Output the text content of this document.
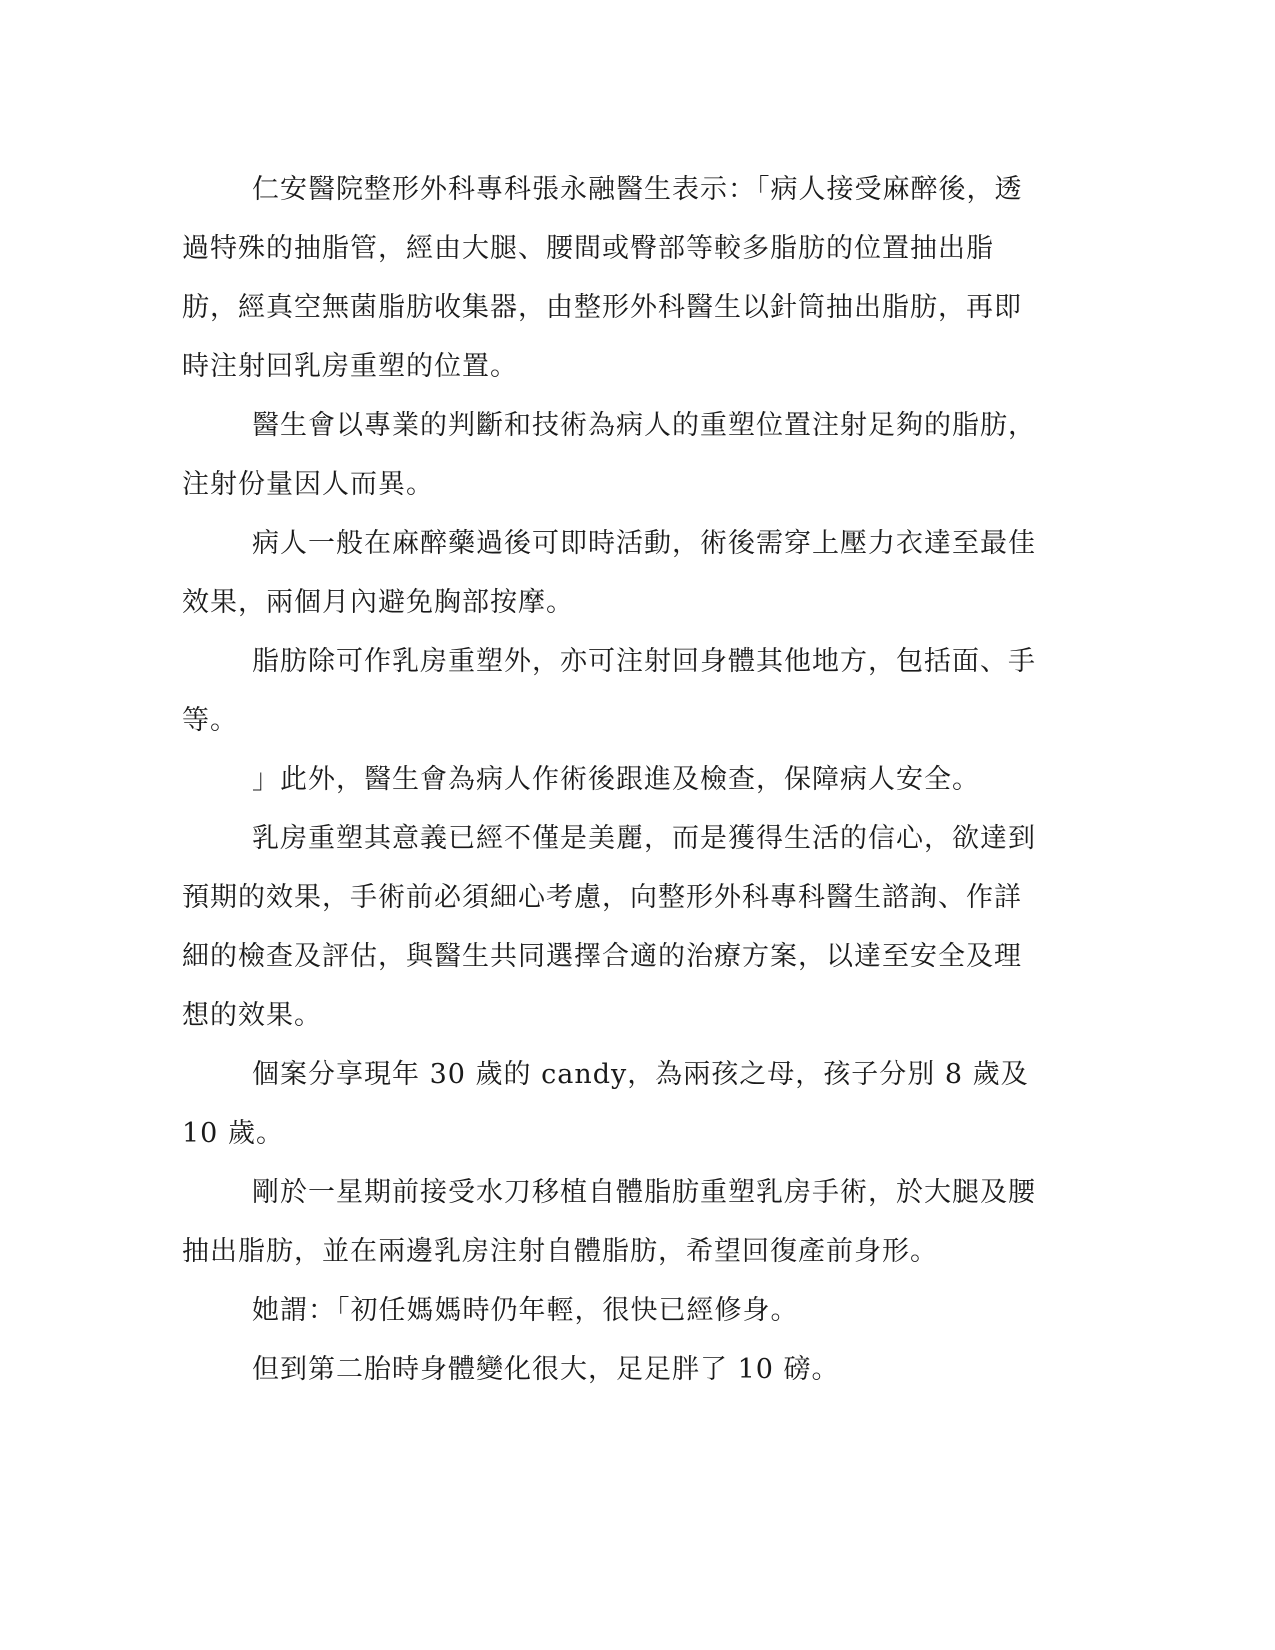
仁安醫院整形外科專科張永融醫生表示：「病人接受麻醉後，透過特殊的抽脂管，經由大腿、腰間或臀部等較多脂肪的位置抽出脂肪，經真空無菌脂肪收集器，由整形外科醫生以針筒抽出脂肪，再即時注射回乳房重塑的位置。

醫生會以專業的判斷和技術為病人的重塑位置注射足夠的脂肪，注射份量因人而異。

病人一般在麻醉藥過後可即時活動，術後需穿上壓力衣達至最佳效果，兩個月內避免胸部按摩。

脂肪除可作乳房重塑外，亦可注射回身體其他地方，包括面、手等。

」此外，醫生會為病人作術後跟進及檢查，保障病人安全。

乳房重塑其意義已經不僅是美麗，而是獲得生活的信心，欲達到預期的效果，手術前必須細心考慮，向整形外科專科醫生諮詢、作詳細的檢查及評估，與醫生共同選擇合適的治療方案，以達至安全及理想的效果。

個案分享現年 30 歲的 candy，為兩孩之母，孩子分別 8 歲及 10 歲。

剛於一星期前接受水刀移植自體脂肪重塑乳房手術，於大腿及腰抽出脂肪，並在兩邊乳房注射自體脂肪，希望回復產前身形。

她謂：「初任媽媽時仍年輕，很快已經修身。

但到第二胎時身體變化很大，足足胖了 10 磅。
